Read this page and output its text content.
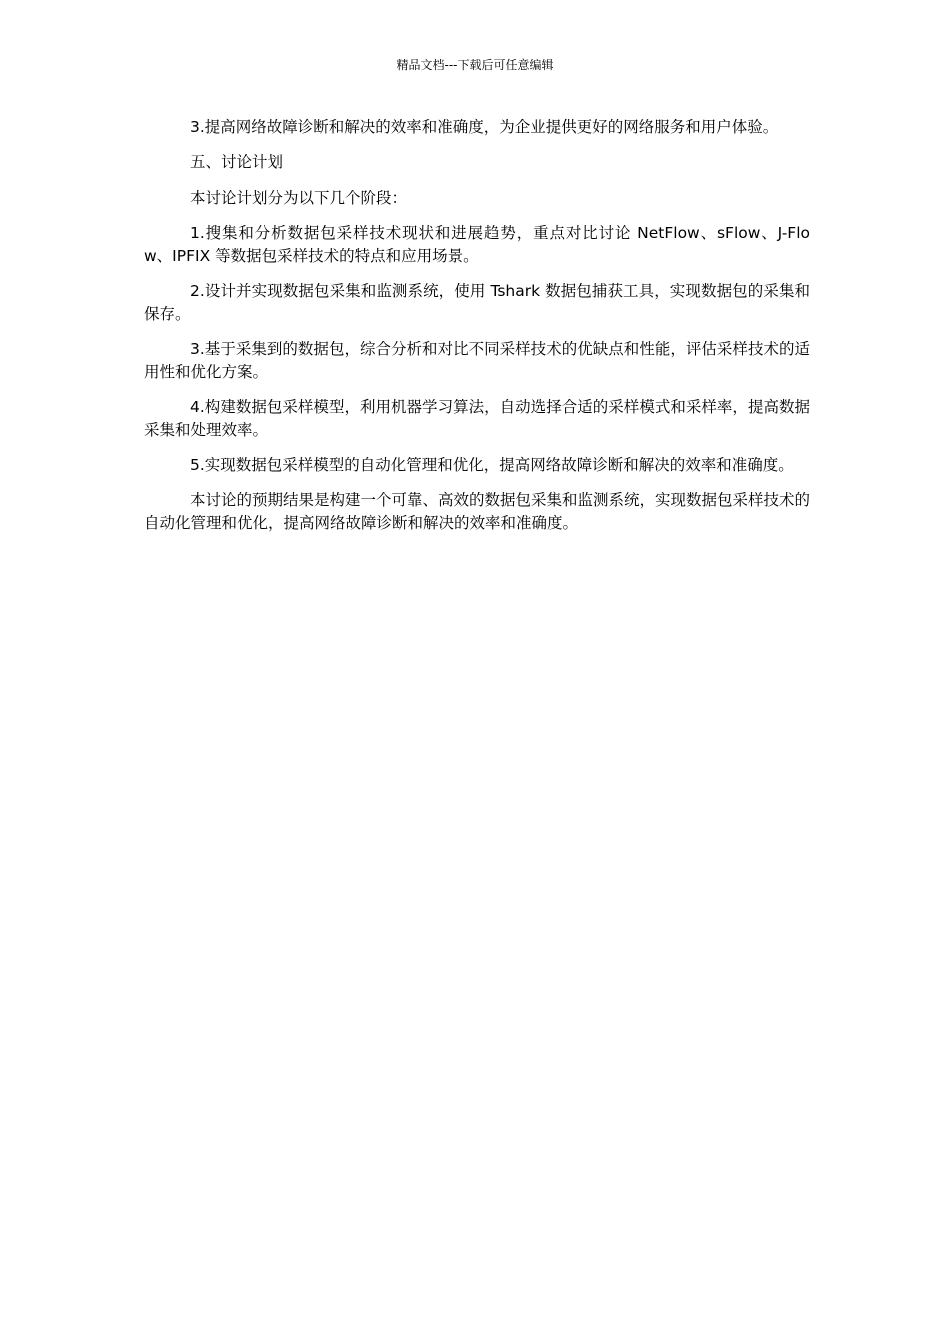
精品文档---下载后可任意编辑

3.提高网络故障诊断和解决的效率和准确度，为企业提供更好的网络服务和用户体验。

五、讨论计划

本讨论计划分为以下几个阶段：

1.搜集和分析数据包采样技术现状和进展趋势，重点对比讨论 NetFlow、sFlow、J-Flow、IPFIX 等数据包采样技术的特点和应用场景。

2.设计并实现数据包采集和监测系统，使用 Tshark 数据包捕获工具，实现数据包的采集和保存。

3.基于采集到的数据包，综合分析和对比不同采样技术的优缺点和性能，评估采样技术的适用性和优化方案。

4.构建数据包采样模型，利用机器学习算法，自动选择合适的采样模式和采样率，提高数据采集和处理效率。

5.实现数据包采样模型的自动化管理和优化，提高网络故障诊断和解决的效率和准确度。

本讨论的预期结果是构建一个可靠、高效的数据包采集和监测系统，实现数据包采样技术的自动化管理和优化，提高网络故障诊断和解决的效率和准确度。
